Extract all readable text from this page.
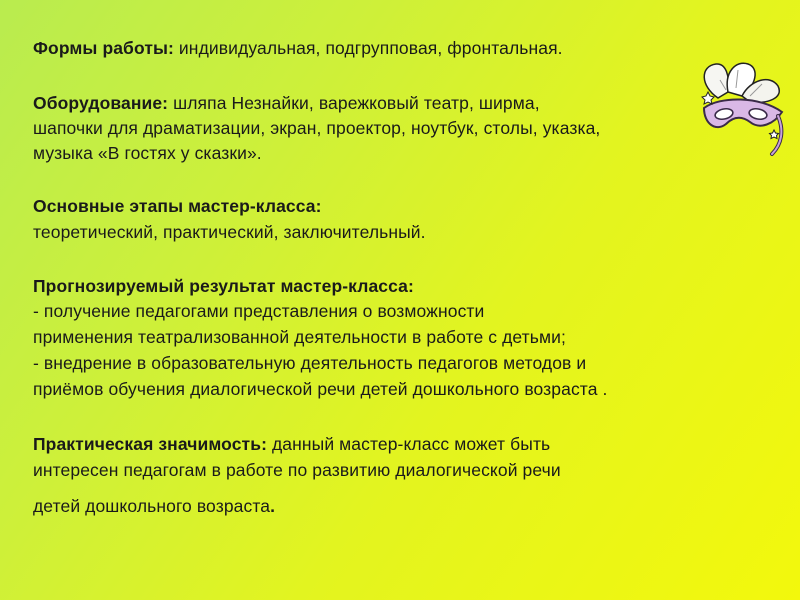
Формы работы: индивидуальная, подгрупповая, фронтальная.
Оборудование: шляпа Незнайки, варежковый театр, ширма,
шапочки для драматизации, экран, проектор, ноутбук, столы, указка,
музыка «В гостях у сказки».
Основные этапы мастер-класса:
теоретический, практический, заключительный.
Прогнозируемый результат мастер-класса:
- получение педагогами представления о возможности
применения театрализованной деятельности в работе с детьми;
- внедрение в образовательную деятельность педагогов методов и
приёмов обучения диалогической речи детей дошкольного возраста .
Практическая значимость: данный мастер-класс может быть
интересен педагогам в работе по развитию диалогической речи
детей дошкольного возраста.
